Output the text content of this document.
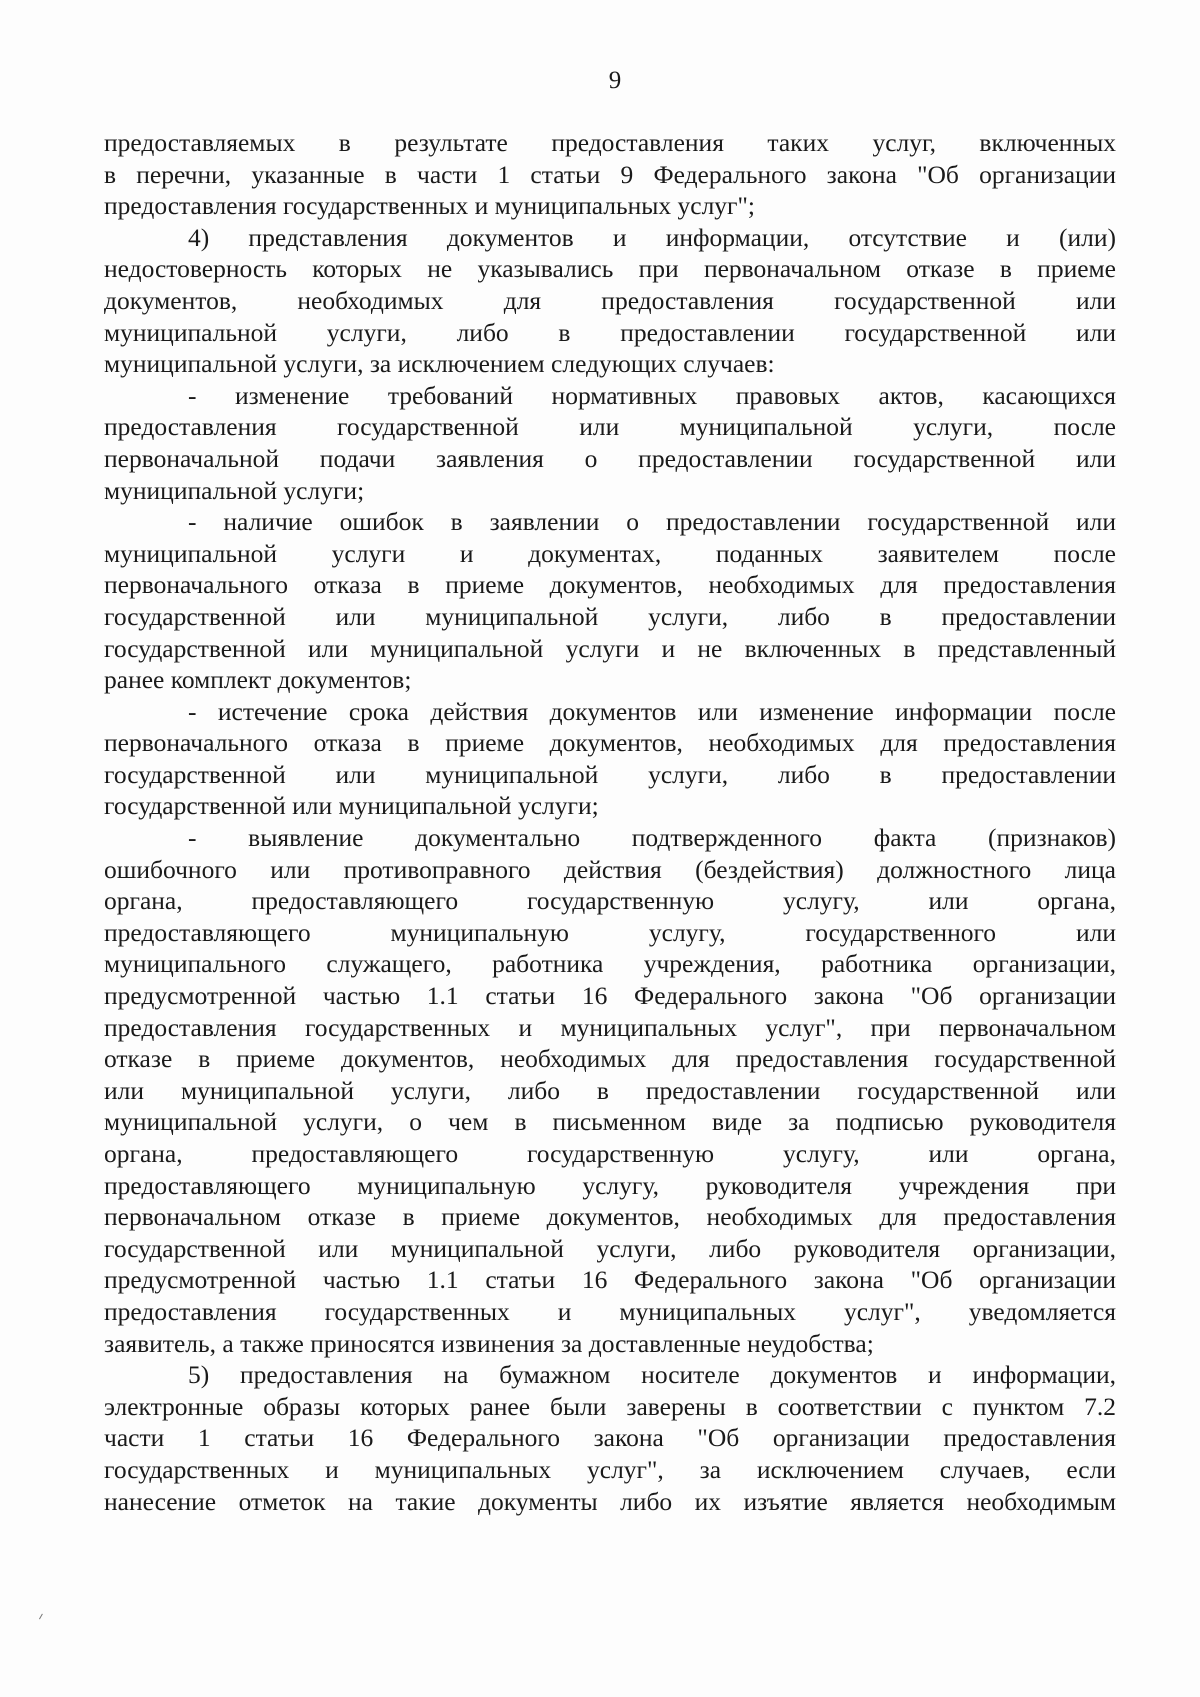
9

предоставляемых в результате предоставления таких услуг, включенных
в перечни, указанные в части 1 статьи 9 Федерального закона "Об организации
предоставления государственных и муниципальных услуг";

4) представления документов и информации, отсутствие и (или)
недостоверность которых не указывались при первоначальном отказе в приеме
документов, необходимых для предоставления государственной или
муниципальной услуги, либо в предоставлении государственной или
муниципальной услуги, за исключением следующих случаев:

- изменение требований нормативных правовых актов, касающихся
предоставления государственной или муниципальной услуги, после
первоначальной подачи заявления о предоставлении государственной или
муниципальной услуги;

- наличие ошибок в заявлении о предоставлении государственной или
муниципальной услуги и документах, поданных заявителем после
первоначального отказа в приеме документов, необходимых для предоставления
государственной или муниципальной услуги, либо в предоставлении
государственной или муниципальной услуги и не включенных в представленный
ранее комплект документов;

- истечение срока действия документов или изменение информации после
первоначального отказа в приеме документов, необходимых для предоставления
государственной или муниципальной услуги, либо в предоставлении
государственной или муниципальной услуги;

- выявление документально подтвержденного факта (признаков)
ошибочного или противоправного действия (бездействия) должностного лица
органа, предоставляющего государственную услугу, или органа,
предоставляющего муниципальную услугу, государственного или
муниципального служащего, работника учреждения, работника организации,
предусмотренной частью 1.1 статьи 16 Федерального закона "Об организации
предоставления государственных и муниципальных услуг", при первоначальном
отказе в приеме документов, необходимых для предоставления государственной
или муниципальной услуги, либо в предоставлении государственной или
муниципальной услуги, о чем в письменном виде за подписью руководителя
органа, предоставляющего государственную услугу, или органа,
предоставляющего муниципальную услугу, руководителя учреждения при
первоначальном отказе в приеме документов, необходимых для предоставления
государственной или муниципальной услуги, либо руководителя организации,
предусмотренной частью 1.1 статьи 16 Федерального закона "Об организации
предоставления государственных и муниципальных услуг", уведомляется
заявитель, а также приносятся извинения за доставленные неудобства;

5) предоставления на бумажном носителе документов и информации,
электронные образы которых ранее были заверены в соответствии с пунктом 7.2
части 1 статьи 16 Федерального закона "Об организации предоставления
государственных и муниципальных услуг", за исключением случаев, если
нанесение отметок на такие документы либо их изъятие является необходимым
